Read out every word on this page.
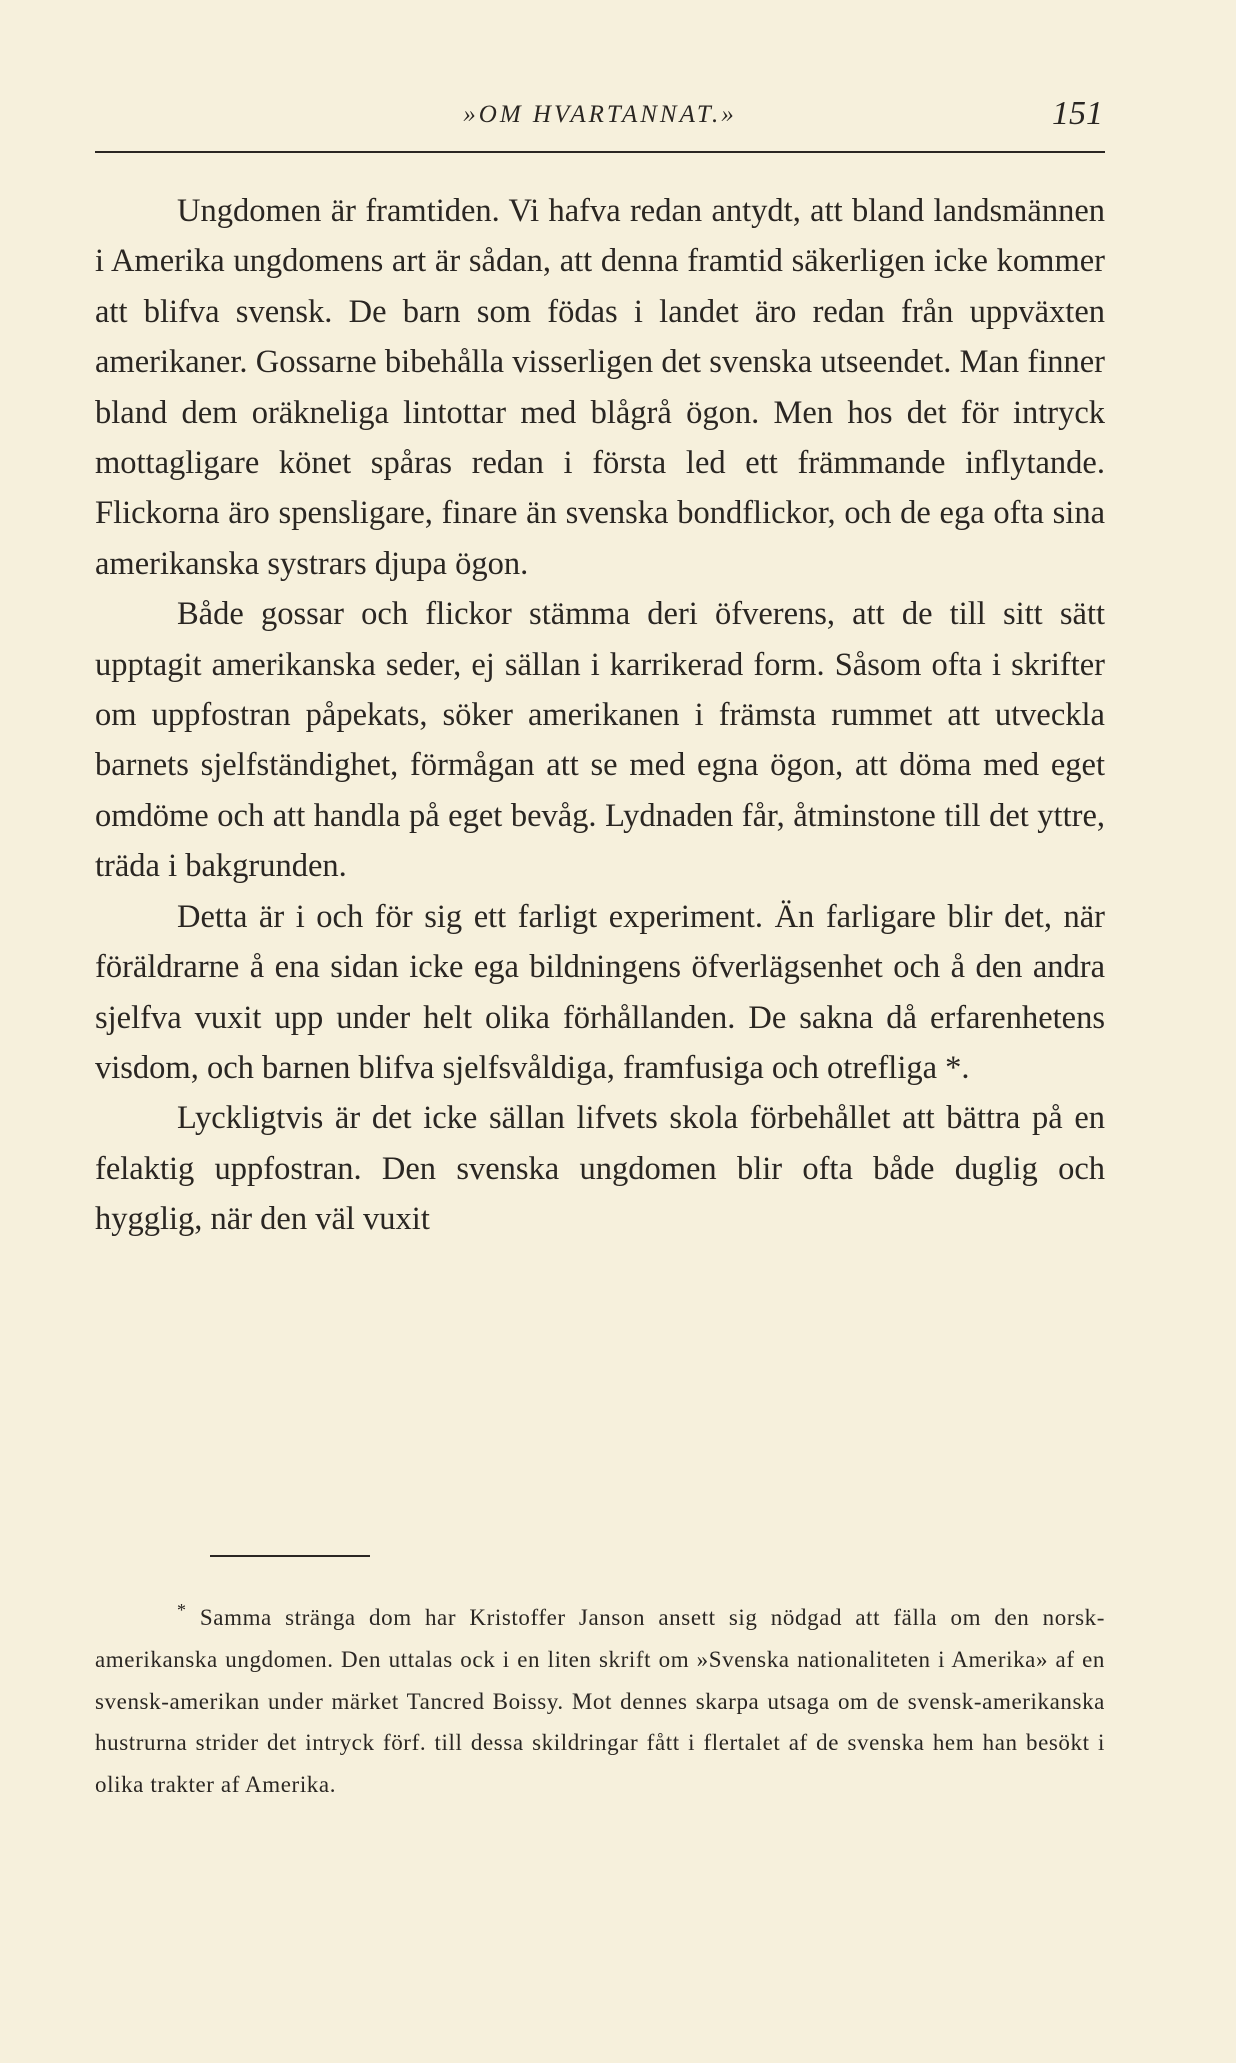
»OM HVARTANNAT.»	151

Ungdomen är framtiden. Vi hafva redan antydt, att bland landsmännen i Amerika ungdomens art är sådan, att denna framtid säkerligen icke kommer att blifva svensk. De barn som födas i landet äro redan från uppväxten amerikaner. Gossarne bibehålla visserligen det svenska utseendet. Man finner bland dem oräkneliga lintottar med blågrå ögon. Men hos det för intryck mottagligare könet spåras redan i första led ett främmande inflytande. Flickorna äro spensligare, finare än svenska bondflickor, och de ega ofta sina amerikanska systrars djupa ögon.

Både gossar och flickor stämma deri öfverens, att de till sitt sätt upptagit amerikanska seder, ej sällan i karrikerad form. Såsom ofta i skrifter om uppfostran påpekats, söker amerikanen i främsta rummet att utveckla barnets sjelfständighet, förmågan att se med egna ögon, att döma med eget omdöme och att handla på eget bevåg. Lydnaden får, åtminstone till det yttre, träda i bakgrunden.

Detta är i och för sig ett farligt experiment. Än farligare blir det, när föräldrarne å ena sidan icke ega bildningens öfverlägsenhet och å den andra sjelfva vuxit upp under helt olika förhållanden. De sakna då erfarenhetens visdom, och barnen blifva sjelfsvåldiga, framfusiga och otrefliga *.

Lyckligtvis är det icke sällan lifvets skola förbehållet att bättra på en felaktig uppfostran. Den svenska ungdomen blir ofta både duglig och hygglig, när den väl vuxit

* Samma stränga dom har Kristoffer Janson ansett sig nödgad att fälla om den norsk-amerikanska ungdomen. Den uttalas ock i en liten skrift om »Svenska nationaliteten i Amerika» af en svensk-amerikan under märket Tancred Boissy. Mot dennes skarpa utsaga om de svensk-amerikanska hustrurna strider det intryck förf. till dessa skildringar fått i flertalet af de svenska hem han besökt i olika trakter af Amerika.
